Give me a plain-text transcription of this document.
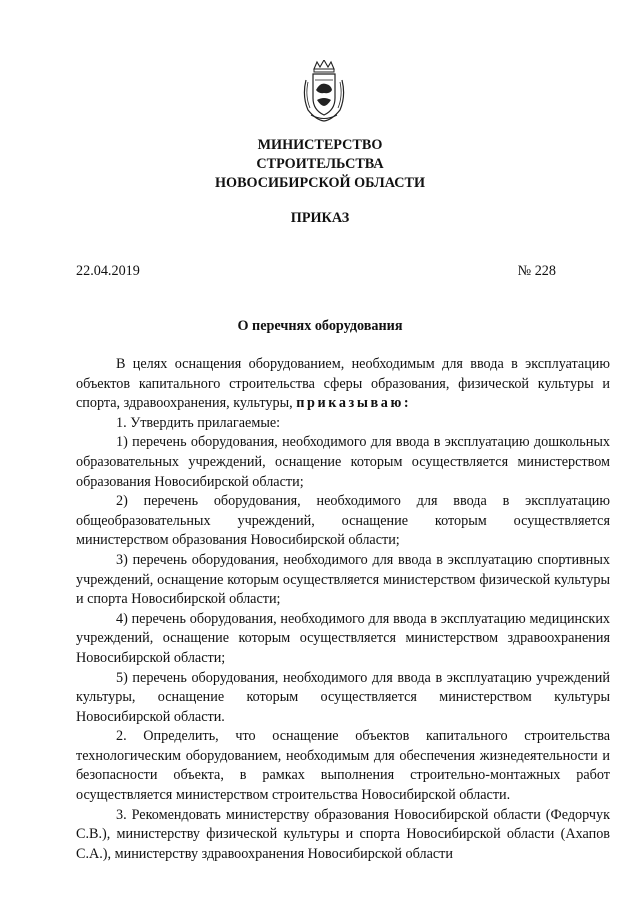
МИНИСТЕРСТВО
СТРОИТЕЛЬСТВА
НОВОСИБИРСКОЙ ОБЛАСТИ
ПРИКАЗ
22.04.2019	№ 228
О перечнях оборудования

В целях оснащения оборудованием, необходимым для ввода в эксплуатацию объектов капитального строительства сферы образования, физической культуры и спорта, здравоохранения, культуры, приказываю:

1. Утвердить прилагаемые:

1) перечень оборудования, необходимого для ввода в эксплуатацию дошкольных образовательных учреждений, оснащение которым осуществляется министерством образования Новосибирской области;

2) перечень оборудования, необходимого для ввода в эксплуатацию общеобразовательных учреждений, оснащение которым осуществляется министерством образования Новосибирской области;

3) перечень оборудования, необходимого для ввода в эксплуатацию спортивных учреждений, оснащение которым осуществляется министерством физической культуры и спорта Новосибирской области;

4) перечень оборудования, необходимого для ввода в эксплуатацию медицинских учреждений, оснащение которым осуществляется министерством здравоохранения Новосибирской области;

5) перечень оборудования, необходимого для ввода в эксплуатацию учреждений культуры, оснащение которым осуществляется министерством культуры Новосибирской области.

2. Определить, что оснащение объектов капитального строительства технологическим оборудованием, необходимым для обеспечения жизнедеятельности и безопасности объекта, в рамках выполнения строительно-монтажных работ осуществляется министерством строительства Новосибирской области.

3. Рекомендовать министерству образования Новосибирской области (Федорчук С.В.), министерству физической культуры и спорта Новосибирской области (Ахапов С.А.), министерству здравоохранения Новосибирской области
